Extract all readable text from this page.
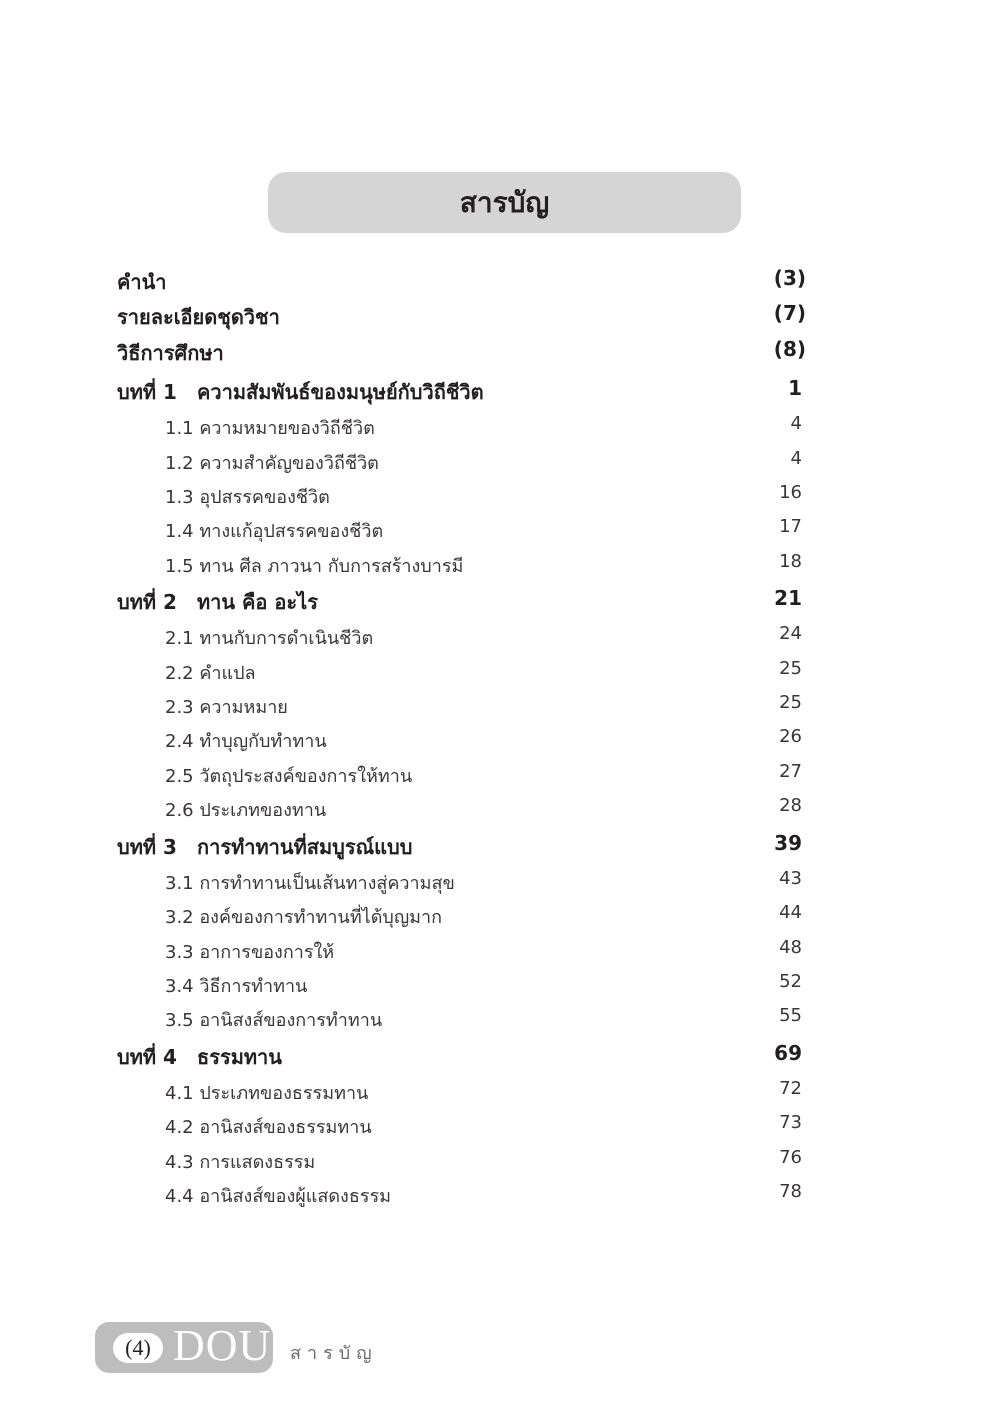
สารบัญ
คำนำ	(3)
รายละเอียดชุดวิชา	(7)
วิธีการศึกษา	(8)
บทที่ 1 ความสัมพันธ์ของมนุษย์กับวิถีชีวิต	1
1.1 ความหมายของวิถีชีวิต	4
1.2 ความสำคัญของวิถีชีวิต	4
1.3 อุปสรรคของชีวิต	16
1.4 ทางแก้อุปสรรคของชีวิต	17
1.5 ทาน ศีล ภาวนา กับการสร้างบารมี	18
บทที่ 2 ทาน คือ อะไร	21
2.1 ทานกับการดำเนินชีวิต	24
2.2 คำแปล	25
2.3 ความหมาย	25
2.4 ทำบุญกับทำทาน	26
2.5 วัตถุประสงค์ของการให้ทาน	27
2.6 ประเภทของทาน	28
บทที่ 3 การทำทานที่สมบูรณ์แบบ	39
3.1 การทำทานเป็นเส้นทางสู่ความสุข	43
3.2 องค์ของการทำทานที่ได้บุญมาก	44
3.3 อาการของการให้	48
3.4 วิธีการทำทาน	52
3.5 อานิสงส์ของการทำทาน	55
บทที่ 4 ธรรมทาน	69
4.1 ประเภทของธรรมทาน	72
4.2 อานิสงส์ของธรรมทาน	73
4.3 การแสดงธรรม	76
4.4 อานิสงส์ของผู้แสดงธรรม	78
(4) DOU สารบัญ
